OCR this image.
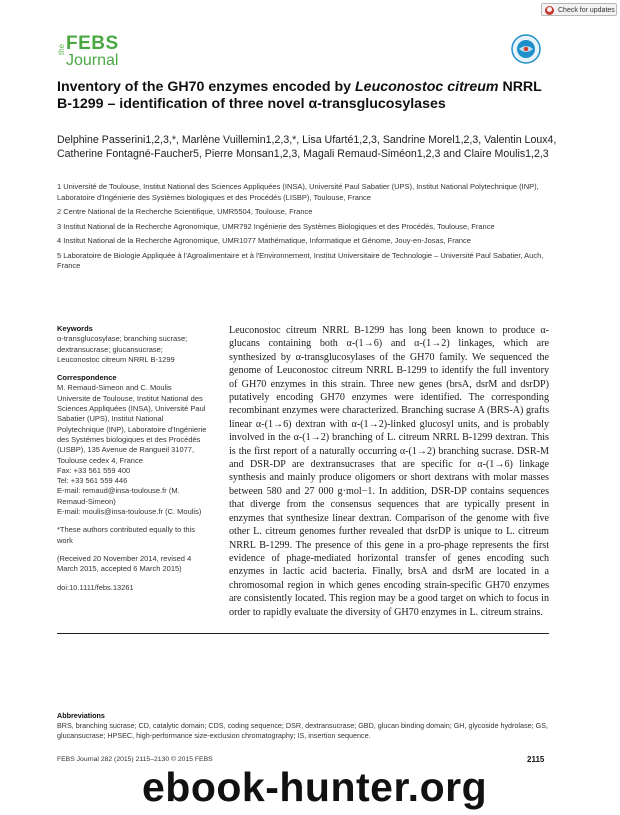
Check for updates
the FEBS
Journal
Inventory of the GH70 enzymes encoded by Leuconostoc citreum NRRL B-1299 – identification of three novel α-transglucosylases
Delphine Passerini1,2,3,*, Marlène Vuillemin1,2,3,*, Lisa Ufarté1,2,3, Sandrine Morel1,2,3, Valentin Loux4, Catherine Fontagné-Faucher5, Pierre Monsan1,2,3, Magali Remaud-Siméon1,2,3 and Claire Moulis1,2,3
1 Université de Toulouse, Institut National des Sciences Appliquées (INSA), Université Paul Sabatier (UPS), Institut National Polytechnique (INP), Laboratoire d'Ingénierie des Systèmes biologiques et des Procédés (LISBP), Toulouse, France
2 Centre National de la Recherche Scientifique, UMR5504, Toulouse, France
3 Institut National de la Recherche Agronomique, UMR792 Ingénierie des Systèmes Biologiques et des Procédés, Toulouse, France
4 Institut National de la Recherche Agronomique, UMR1077 Mathématique, Informatique et Génome, Jouy-en-Josas, France
5 Laboratoire de Biologie Appliquée à l'Agroalimentaire et à l'Environnement, Institut Universitaire de Technologie – Université Paul Sabatier, Auch, France

Keywords

α-transglucosylase; branching sucrase; dextransucrase; glucansucrase; Leuconostoc citreum NRRL B-1299

Correspondence

M. Remaud-Simeon and C. Moulis Universite de Toulouse, Institut National des Sciences Appliquées (INSA), Université Paul Sabatier (UPS), Institut National Polytechnique (INP), Laboratoire d'Ingénierie des Systémes biologiques et des Procédés (LISBP), 135 Avenue de Rangueil 31077, Toulouse cedex 4, France

Fax: +33 561 559 400

Tel: +33 561 559 446

E-mail: remaud@insa-toulouse.fr (M. Remaud-Simeon)

E-mail: moulis@insa-toulouse.fr (C. Moulis)

*These authors contributed equally to this work

(Received 20 November 2014, revised 4 March 2015, accepted 6 March 2015)

doi:10.1111/febs.13261

Leuconostoc citreum NRRL B-1299 has long been known to produce α-glucans containing both α-(1→6) and α-(1→2) linkages, which are synthesized by α-transglucosylases of the GH70 family. We sequenced the genome of Leuconostoc citreum NRRL B-1299 to identify the full inventory of GH70 enzymes in this strain. Three new genes (brsA, dsrM and dsrDP) putatively encoding GH70 enzymes were identified. The corresponding recombinant enzymes were characterized. Branching sucrase A (BRS-A) grafts linear α-(1→6) dextran with α-(1→2)-linked glucosyl units, and is probably involved in the α-(1→2) branching of L. citreum NRRL B-1299 dextran. This is the first report of a naturally occurring α-(1→2) branching sucrase. DSR-M and DSR-DP are dextransucrases that are specific for α-(1→6) linkage synthesis and mainly produce oligomers or short dextrans with molar masses between 580 and 27 000 g·mol−1. In addition, DSR-DP contains sequences that diverge from the consensus sequences that are typically present in enzymes that synthesize linear dextran. Comparison of the genome with five other L. citreum genomes further revealed that dsrDP is unique to L. citreum NRRL B-1299. The presence of this gene in a pro-phage represents the first evidence of phage-mediated horizontal transfer of genes encoding such enzymes in lactic acid bacteria. Finally, brsA and dsrM are located in a chromosomal region in which genes encoding strain-specific GH70 enzymes are consistently located. This region may be a good target on which to focus in order to rapidly evaluate the diversity of GH70 enzymes in L. citreum strains.
Abbreviations
BRS, branching sucrase; CD, catalytic domain; CDS, coding sequence; DSR, dextransucrase; GBD, glucan binding domain; GH, glycoside hydrolase; GS, glucansucrase; HPSEC, high-performance size-exclusion chromatography; IS, insertion sequence.
FEBS Journal 282 (2015) 2115–2130 © 2015 FEBS	2115
ebook-hunter.org
